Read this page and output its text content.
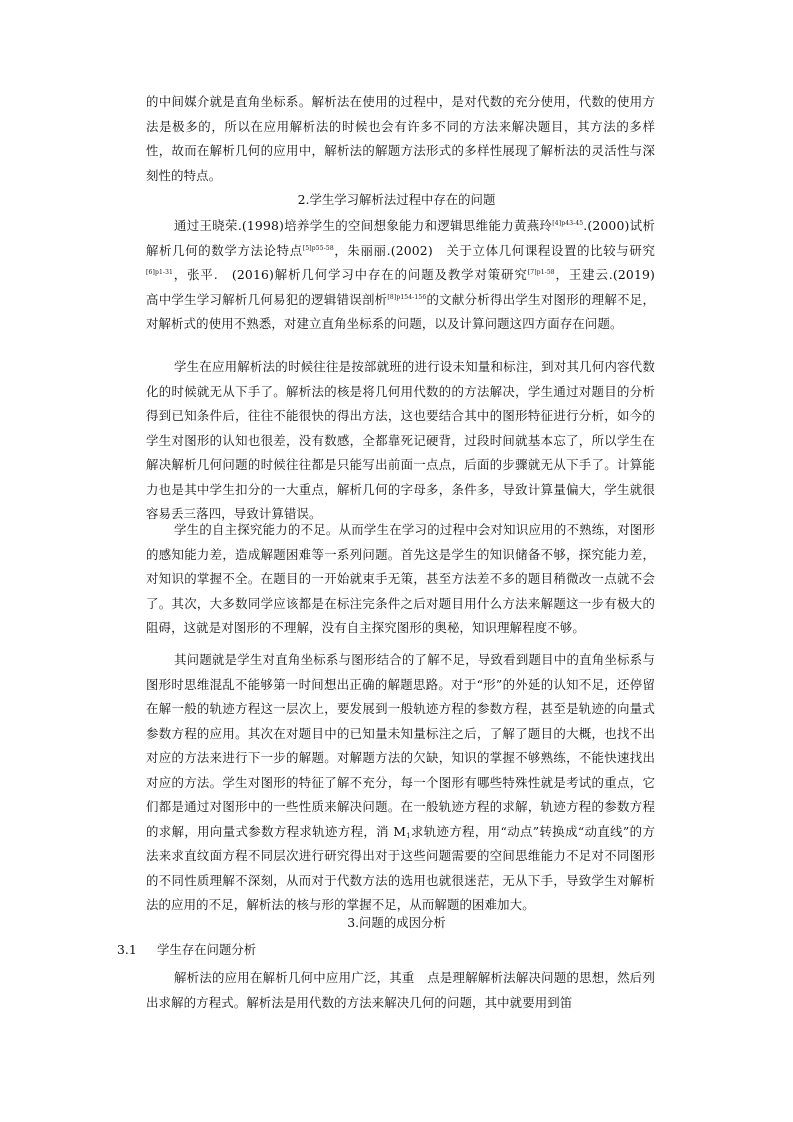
的中间媒介就是直角坐标系。解析法在使用的过程中，是对代数的充分使用，代数的使用方法是极多的，所以在应用解析法的时候也会有许多不同的方法来解决题目，其方法的多样性，故而在解析几何的应用中，解析法的解题方法形式的多样性展现了解析法的灵活性与深刻性的特点。
2.学生学习解析法过程中存在的问题
通过王晓荣.(1998)培养学生的空间想象能力和逻辑思维能力黄燕玲$^{[4]p43-45}$.(2000)试析解析几何的数学方法论特点$^{[5]p55-58}$，朱丽丽.(2002)　关于立体几何课程设置的比较与研究$^{[6]p1-31}$，张平.　(2016)解析几何学习中存在的问题及教学对策研究$^{[7]p1-58}$，王建云.(2019)　高中学生学习解析几何易犯的逻辑错误剖析$^{[8]p154-156}$的文献分析得出学生对图形的理解不足，对解析式的使用不熟悉，对建立直角坐标系的问题，以及计算问题这四方面存在问题。
学生在应用解析法的时候往往是按部就班的进行设未知量和标注，到对其几何内容代数化的时候就无从下手了。解析法的核是将几何用代数的的方法解决，学生通过对题目的分析得到已知条件后，往往不能很快的得出方法，这也要结合其中的图形特征进行分析，如今的学生对图形的认知也很差，没有数感，全都靠死记硬背，过段时间就基本忘了，所以学生在解决解析几何问题的时候往往都是只能写出前面一点点，后面的步骤就无从下手了。计算能力也是其中学生扣分的一大重点，解析几何的字母多，条件多，导致计算量偏大，学生就很容易丢三落四，导致计算错误。
学生的自主探究能力的不足。从而学生在学习的过程中会对知识应用的不熟练，对图形的感知能力差，造成解题困难等一系列问题。首先这是学生的知识储备不够，探究能力差，对知识的掌握不全。在题目的一开始就束手无策，甚至方法差不多的题目稍微改一点就不会了。其次，大多数同学应该都是在标注完条件之后对题目用什么方法来解题这一步有极大的阻碍，这就是对图形的不理解，没有自主探究图形的奥秘，知识理解程度不够。
其问题就是学生对直角坐标系与图形结合的了解不足，导致看到题目中的直角坐标系与图形时思维混乱不能够第一时间想出正确的解题思路。对于“形”的外延的认知不足，还停留在解一般的轨迹方程这一层次上，要发展到一般轨迹方程的参数方程，甚至是轨迹的向量式参数方程的应用。其次在对题目中的已知量未知量标注之后，了解了题目的大概，也找不出对应的方法来进行下一步的解题。对解题方法的欠缺，知识的掌握不够熟练，不能快速找出对应的方法。学生对图形的特征了解不充分，每一个图形有哪些特殊性就是考试的重点，它们都是通过对图形中的一些性质来解决问题。在一般轨迹方程的求解，轨迹方程的参数方程的求解，用向量式参数方程求轨迹方程，消 $M_1$求轨迹方程，用“动点”转换成“动直线”的方法来求直纹面方程不同层次进行研究得出对于这些问题需要的空间思维能力不足对不同图形的不同性质理解不深刻，从而对于代数方法的选用也就很迷茫，无从下手，导致学生对解析法的应用的不足，解析法的核与形的掌握不足，从而解题的困难加大。
3.问题的成因分析
3.1 学生存在问题分析
解析法的应用在解析几何中应用广泛，其重　点是理解解析法解决问题的思想，然后列出求解的方程式。解析法是用代数的方法来解决几何的问题，其中就要用到笛
